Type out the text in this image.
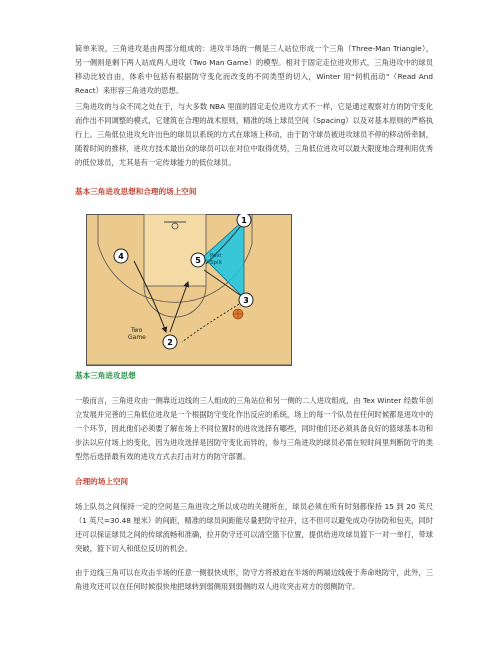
简单来说，三角进攻是由两部分组成的：进攻半场的一侧是三人站位形成一个三角（Three-Man Triangle），另一侧则是剩下两人站成两人进攻（Two Man Game）的模型。相对于固定走位进攻形式，三角进攻中的球员移动比较自由，体系中包括有根据防守变化而改变的不同类型的切入，Winter 用"伺机而动"（Read And React）来形容三角进攻的思想。

三角进攻的与众不同之处在于，与大多数 NBA 里面的固定走位进攻方式不一样，它是通过观察对方的防守变化而作出不同调整的模式，它建筑在合理的战术原则，精准的场上球员空间（Spacing）以及对基本原则的严格执行上。三角低位进攻允许出色的球员以系统的方式在球场上移动，由于防守球员被进攻球员不停的移动所牵制，随着时间的推移，进攻方技术最出众的球员可以在对位中取得优势，三角低位进攻可以最大限度地合理利用优秀的低位球员，尤其是有一定传球能力的低位球员。

基本三角进攻思想和合理的场上空间

Post
Split
1
2
3
4	5
Two
Game

基本三角进攻思想

一般而言，三角进攻由一侧靠近边线的三人组成的三角站位和另一侧的二人进攻组成，由 Tex Winter 经数年创立发展并完善的三角低位进攻是一个根据防守变化作出反应的系统，场上的每一个队员在任何时候都是进攻中的一个环节，因此他们必须要了解在场上不同位置时的进攻选择有哪些，同时他们还必须具备良好的篮球基本功和步法以应付场上的变化，因为进攻选择是因防守变化而异的，参与三角进攻的球员必需在短时间里判断防守的类型然后选择最有效的进攻方式去打击对方的防守部署。

合理的场上空间

场上队员之间保持一定的空间是三角进攻之所以成功的关键所在，球员必须在所有时刻都保持 15 到 20 英尺（1 英尺=30.48 厘米）的间距，精准的球员间距能尽量把防守拉开，这不但可以避免成功夺协防和包夹，同时还可以保证球员之间的传球流畅和准确，拉开防守还可以清空篮下位置，提供给进攻球员篮下一对一单打，带球突破，篮下切入和低位反切的机会。

由于边线三角可以在攻击半场的任意一侧很快成形，防守方将被迫在半场的两端边线疲于奔命地防守，此外，三角进攻还可以在任何时候很快地把球转到弱侧用到弱侧的双人进攻突击对方的弱侧防守。
